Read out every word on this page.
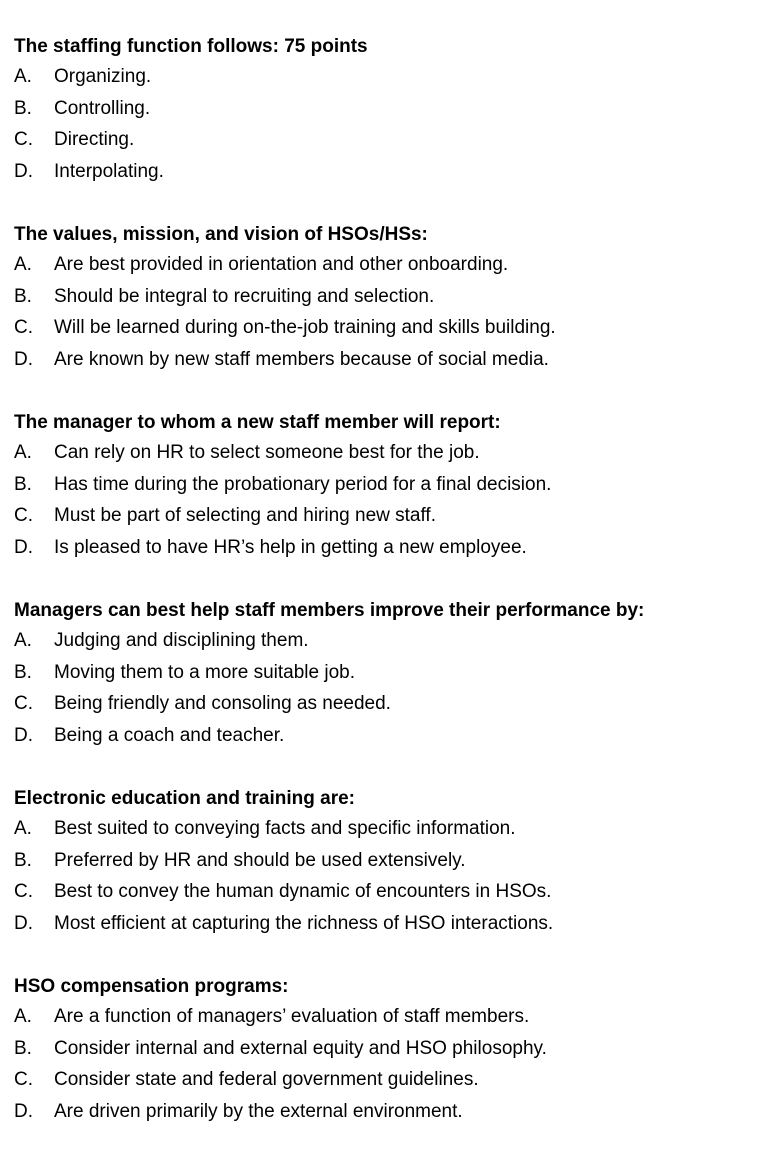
The staffing function follows: 75 points
A.	Organizing.
B.	Controlling.
C.	Directing.
D.	Interpolating.
The values, mission, and vision of HSOs/HSs:
A.	Are best provided in orientation and other onboarding.
B.	Should be integral to recruiting and selection.
C.	Will be learned during on-the-job training and skills building.
D.	Are known by new staff members because of social media.
The manager to whom a new staff member will report:
A.	Can rely on HR to select someone best for the job.
B.	Has time during the probationary period for a final decision.
C.	Must be part of selecting and hiring new staff.
D.	Is pleased to have HR’s help in getting a new employee.
Managers can best help staff members improve their performance by:
A.	Judging and disciplining them.
B.	Moving them to a more suitable job.
C.	Being friendly and consoling as needed.
D.	Being a coach and teacher.
Electronic education and training are:
A.	Best suited to conveying facts and specific information.
B.	Preferred by HR and should be used extensively.
C.	Best to convey the human dynamic of encounters in HSOs.
D.	Most efficient at capturing the richness of HSO interactions.
HSO compensation programs:
A.	Are a function of managers’ evaluation of staff members.
B.	Consider internal and external equity and HSO philosophy.
C.	Consider state and federal government guidelines.
D.	Are driven primarily by the external environment.
